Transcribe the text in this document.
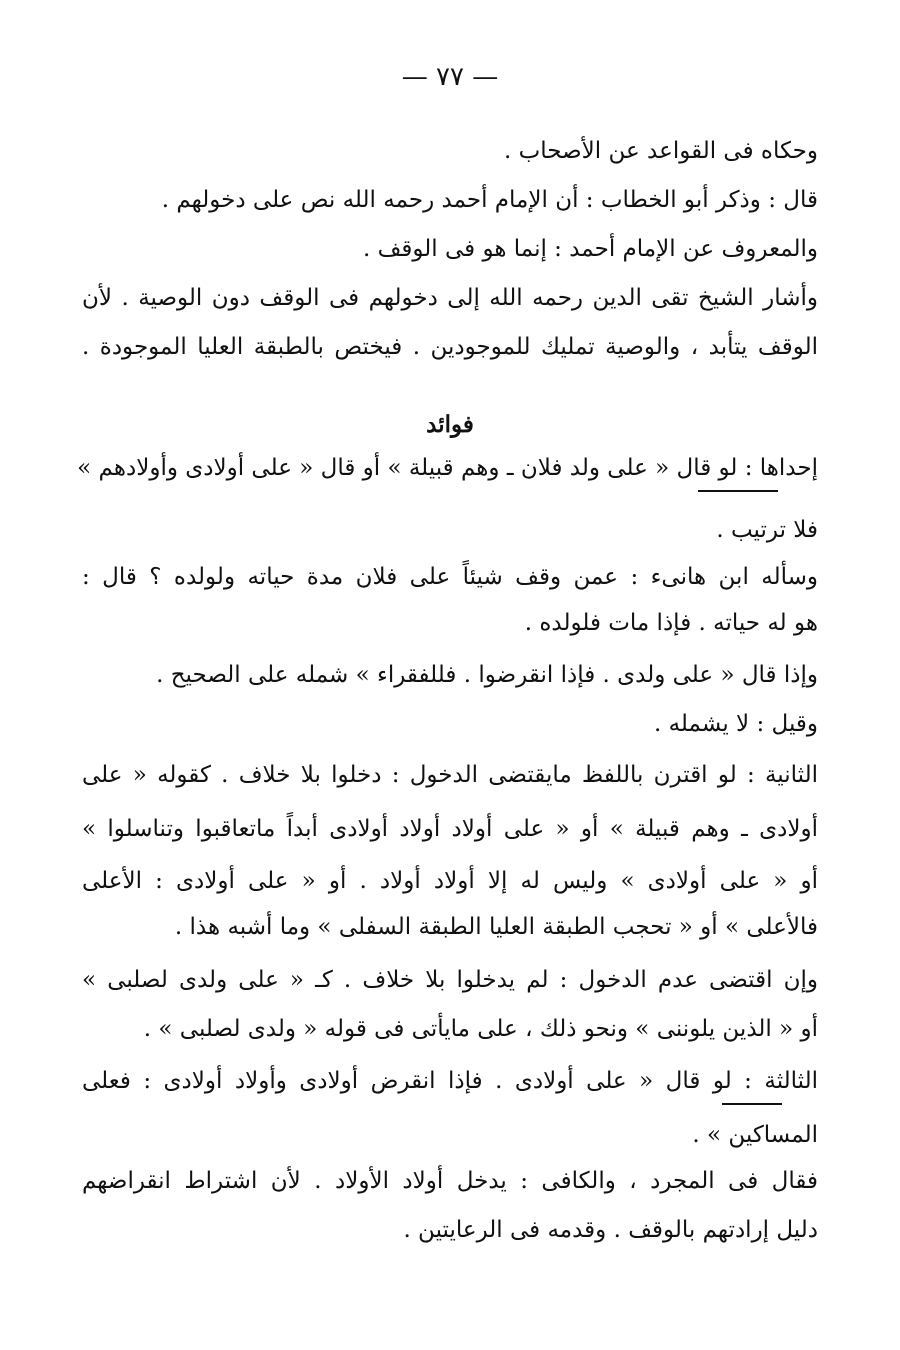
— ٧٧ —
وحكاه فى القواعد عن الأصحاب .
قال : وذكر أبو الخطاب : أن الإمام أحمد رحمه الله نص على دخولهم .
والمعروف عن الإمام أحمد : إنما هو فى الوقف .
وأشار الشيخ تقى الدين رحمه الله إلى دخولهم فى الوقف دون الوصية . لأن
الوقف يتأبد ، والوصية تمليك للموجودين . فيختص بالطبقة العليا الموجودة .
فوائد
إحداها : لو قال « على ولد فلان ـ وهم قبيلة » أو قال « على أولادى وأولادهم »
فلا ترتيب .
وسأله ابن هانىء : عمن وقف شيئاً على فلان مدة حياته ولولده ؟ قال :
هو له حياته . فإذا مات فلولده .
وإذا قال « على ولدى . فإذا انقرضوا . فللفقراء » شمله على الصحيح .
وقيل : لا يشمله .
الثانية : لو اقترن باللفظ مايقتضى الدخول : دخلوا بلا خلاف . كقوله « على
أولادى ـ وهم قبيلة » أو « على أولاد أولاد أولادى أبداً ماتعاقبوا وتناسلوا »
أو « على أولادى » وليس له إلا أولاد أولاد . أو « على أولادى : الأعلى
فالأعلى » أو « تحجب الطبقة العليا الطبقة السفلى » وما أشبه هذا .
وإن اقتضى عدم الدخول : لم يدخلوا بلا خلاف . كـ « على ولدى لصلبى »
أو « الذين يلوننى » ونحو ذلك ، على مايأتى فى قوله « ولدى لصلبى » .
الثالثة : لو قال « على أولادى . فإذا انقرض أولادى وأولاد أولادى : فعلى
المساكين » .
فقال فى المجرد ، والكافى : يدخل أولاد الأولاد . لأن اشتراط انقراضهم
دليل إرادتهم بالوقف . وقدمه فى الرعايتين .
